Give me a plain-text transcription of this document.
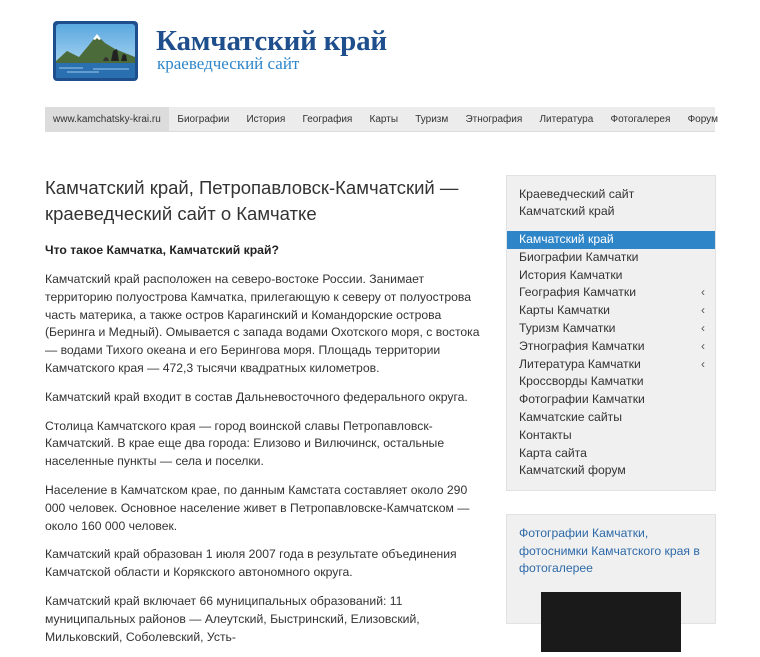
Камчатский край
краеведческий сайт
www.kamchatsky-krai.ru	Биографии	История	География	Карты	Туризм	Этнография	Литература	Фотогалерея	Форум
Камчатский край, Петропавловск-Камчатский — краеведческий сайт о Камчатке

Что такое Камчатка, Камчатский край?

Камчатский край расположен на северо-востоке России. Занимает территорию полуострова Камчатка, прилегающую к северу от полуострова часть материка, а также остров Карагинский и Командорские острова (Беринга и Медный). Омывается с запада водами Охотского моря, с востока — водами Тихого океана и его Беринговa моря. Площадь территории Камчатского края — 472,3 тысячи квадратных километров.

Камчатский край входит в состав Дальневосточного федерального округа.

Столица Камчатского края — город воинской славы Петропавловск-Камчатский. В крае еще два города: Елизово и Вилючинск, остальные населенные пункты — села и поселки.

Население в Камчатском крае, по данным Камстата составляет около 290 000 человек. Основное население живет в Петропавловске-Камчатском — около 160 000 человек.

Камчатский край образован 1 июля 2007 года в результате объединения Камчатской области и Корякского автономного округа.

Камчатский край включает 66 муниципальных образований: 11 муниципальных районов — Алеутский, Быстринский, Елизовский, Мильковский, Соболевский, Усть-

Краеведческий сайт Камчатский край
Камчатский край
Биографии Камчатки
История Камчатки
География Камчатки	‹
Карты Камчатки	‹
Туризм Камчатки	‹
Этнография Камчатки	‹
Литература Камчатки	‹
Кроссворды Камчатки
Фотографии Камчатки
Камчатские сайты
Контакты
Карта сайта
Камчатский форум
Фотографии Камчатки, фотоснимки Камчатского края в фотогалерее
